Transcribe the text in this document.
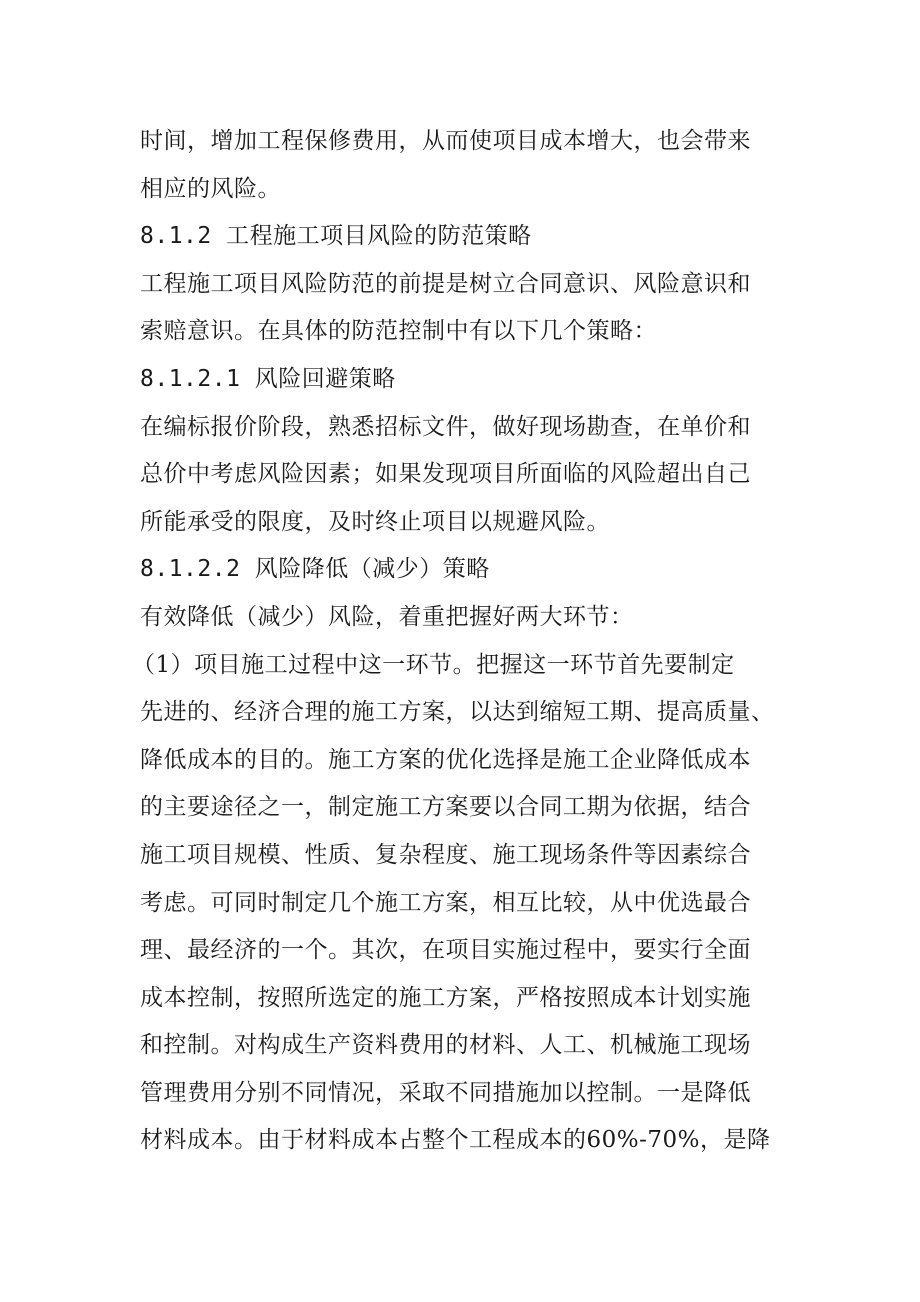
时间，增加工程保修费用，从而使项目成本增大，也会带来
相应的风险。
8.1.2 工程施工项目风险的防范策略
工程施工项目风险防范的前提是树立合同意识、风险意识和
索赔意识。在具体的防范控制中有以下几个策略：
8.1.2.1 风险回避策略
在编标报价阶段，熟悉招标文件，做好现场勘查，在单价和
总价中考虑风险因素；如果发现项目所面临的风险超出自己
所能承受的限度，及时终止项目以规避风险。
8.1.2.2 风险降低（减少）策略
有效降低（减少）风险，着重把握好两大环节：
（1）项目施工过程中这一环节。把握这一环节首先要制定
先进的、经济合理的施工方案，以达到缩短工期、提高质量、
降低成本的目的。施工方案的优化选择是施工企业降低成本
的主要途径之一，制定施工方案要以合同工期为依据，结合
施工项目规模、性质、复杂程度、施工现场条件等因素综合
考虑。可同时制定几个施工方案，相互比较，从中优选最合
理、最经济的一个。其次，在项目实施过程中，要实行全面
成本控制，按照所选定的施工方案，严格按照成本计划实施
和控制。对构成生产资料费用的材料、人工、机械施工现场
管理费用分别不同情况，采取不同措施加以控制。一是降低
材料成本。由于材料成本占整个工程成本的60%-70%，是降
